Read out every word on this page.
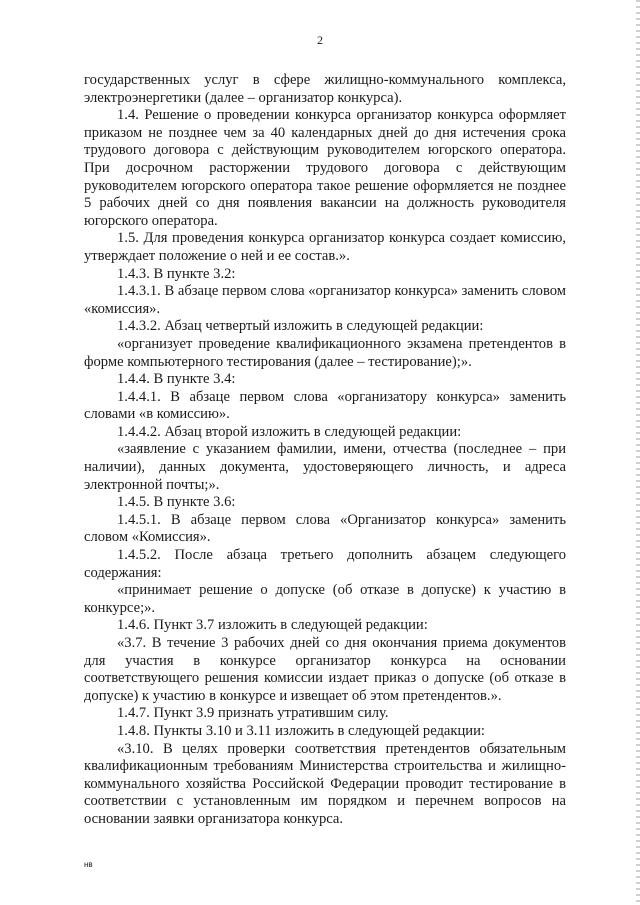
2

государственных услуг в сфере жилищно-коммунального комплекса, электроэнергетики (далее – организатор конкурса).

1.4. Решение о проведении конкурса организатор конкурса оформляет приказом не позднее чем за 40 календарных дней до дня истечения срока трудового договора с действующим руководителем югорского оператора. При досрочном расторжении трудового договора с действующим руководителем югорского оператора такое решение оформляется не позднее 5 рабочих дней со дня появления вакансии на должность руководителя югорского оператора.

1.5. Для проведения конкурса организатор конкурса создает комиссию, утверждает положение о ней и ее состав.».

1.4.3. В пункте 3.2:

1.4.3.1. В абзаце первом слова «организатор конкурса» заменить словом «комиссия».

1.4.3.2. Абзац четвертый изложить в следующей редакции:

«организует проведение квалификационного экзамена претендентов в форме компьютерного тестирования (далее – тестирование);».

1.4.4. В пункте 3.4:

1.4.4.1. В абзаце первом слова «организатору конкурса» заменить словами «в комиссию».

1.4.4.2. Абзац второй изложить в следующей редакции:

«заявление с указанием фамилии, имени, отчества (последнее – при наличии), данных документа, удостоверяющего личность, и адреса электронной почты;».

1.4.5. В пункте 3.6:

1.4.5.1. В абзаце первом слова «Организатор конкурса» заменить словом «Комиссия».

1.4.5.2. После абзаца третьего дополнить абзацем следующего содержания:

«принимает решение о допуске (об отказе в допуске) к участию в конкурсе;».

1.4.6. Пункт 3.7 изложить в следующей редакции:

«3.7. В течение 3 рабочих дней со дня окончания приема документов для участия в конкурсе организатор конкурса на основании соответствующего решения комиссии издает приказ о допуске (об отказе в допуске) к участию в конкурсе и извещает об этом претендентов.».

1.4.7. Пункт 3.9 признать утратившим силу.

1.4.8. Пункты 3.10 и 3.11 изложить в следующей редакции:

«3.10. В целях проверки соответствия претендентов обязательным квалификационным требованиям Министерства строительства и жилищно-коммунального хозяйства Российской Федерации проводит тестирование в соответствии с установленным им порядком и перечнем вопросов на основании заявки организатора конкурса.

нв
